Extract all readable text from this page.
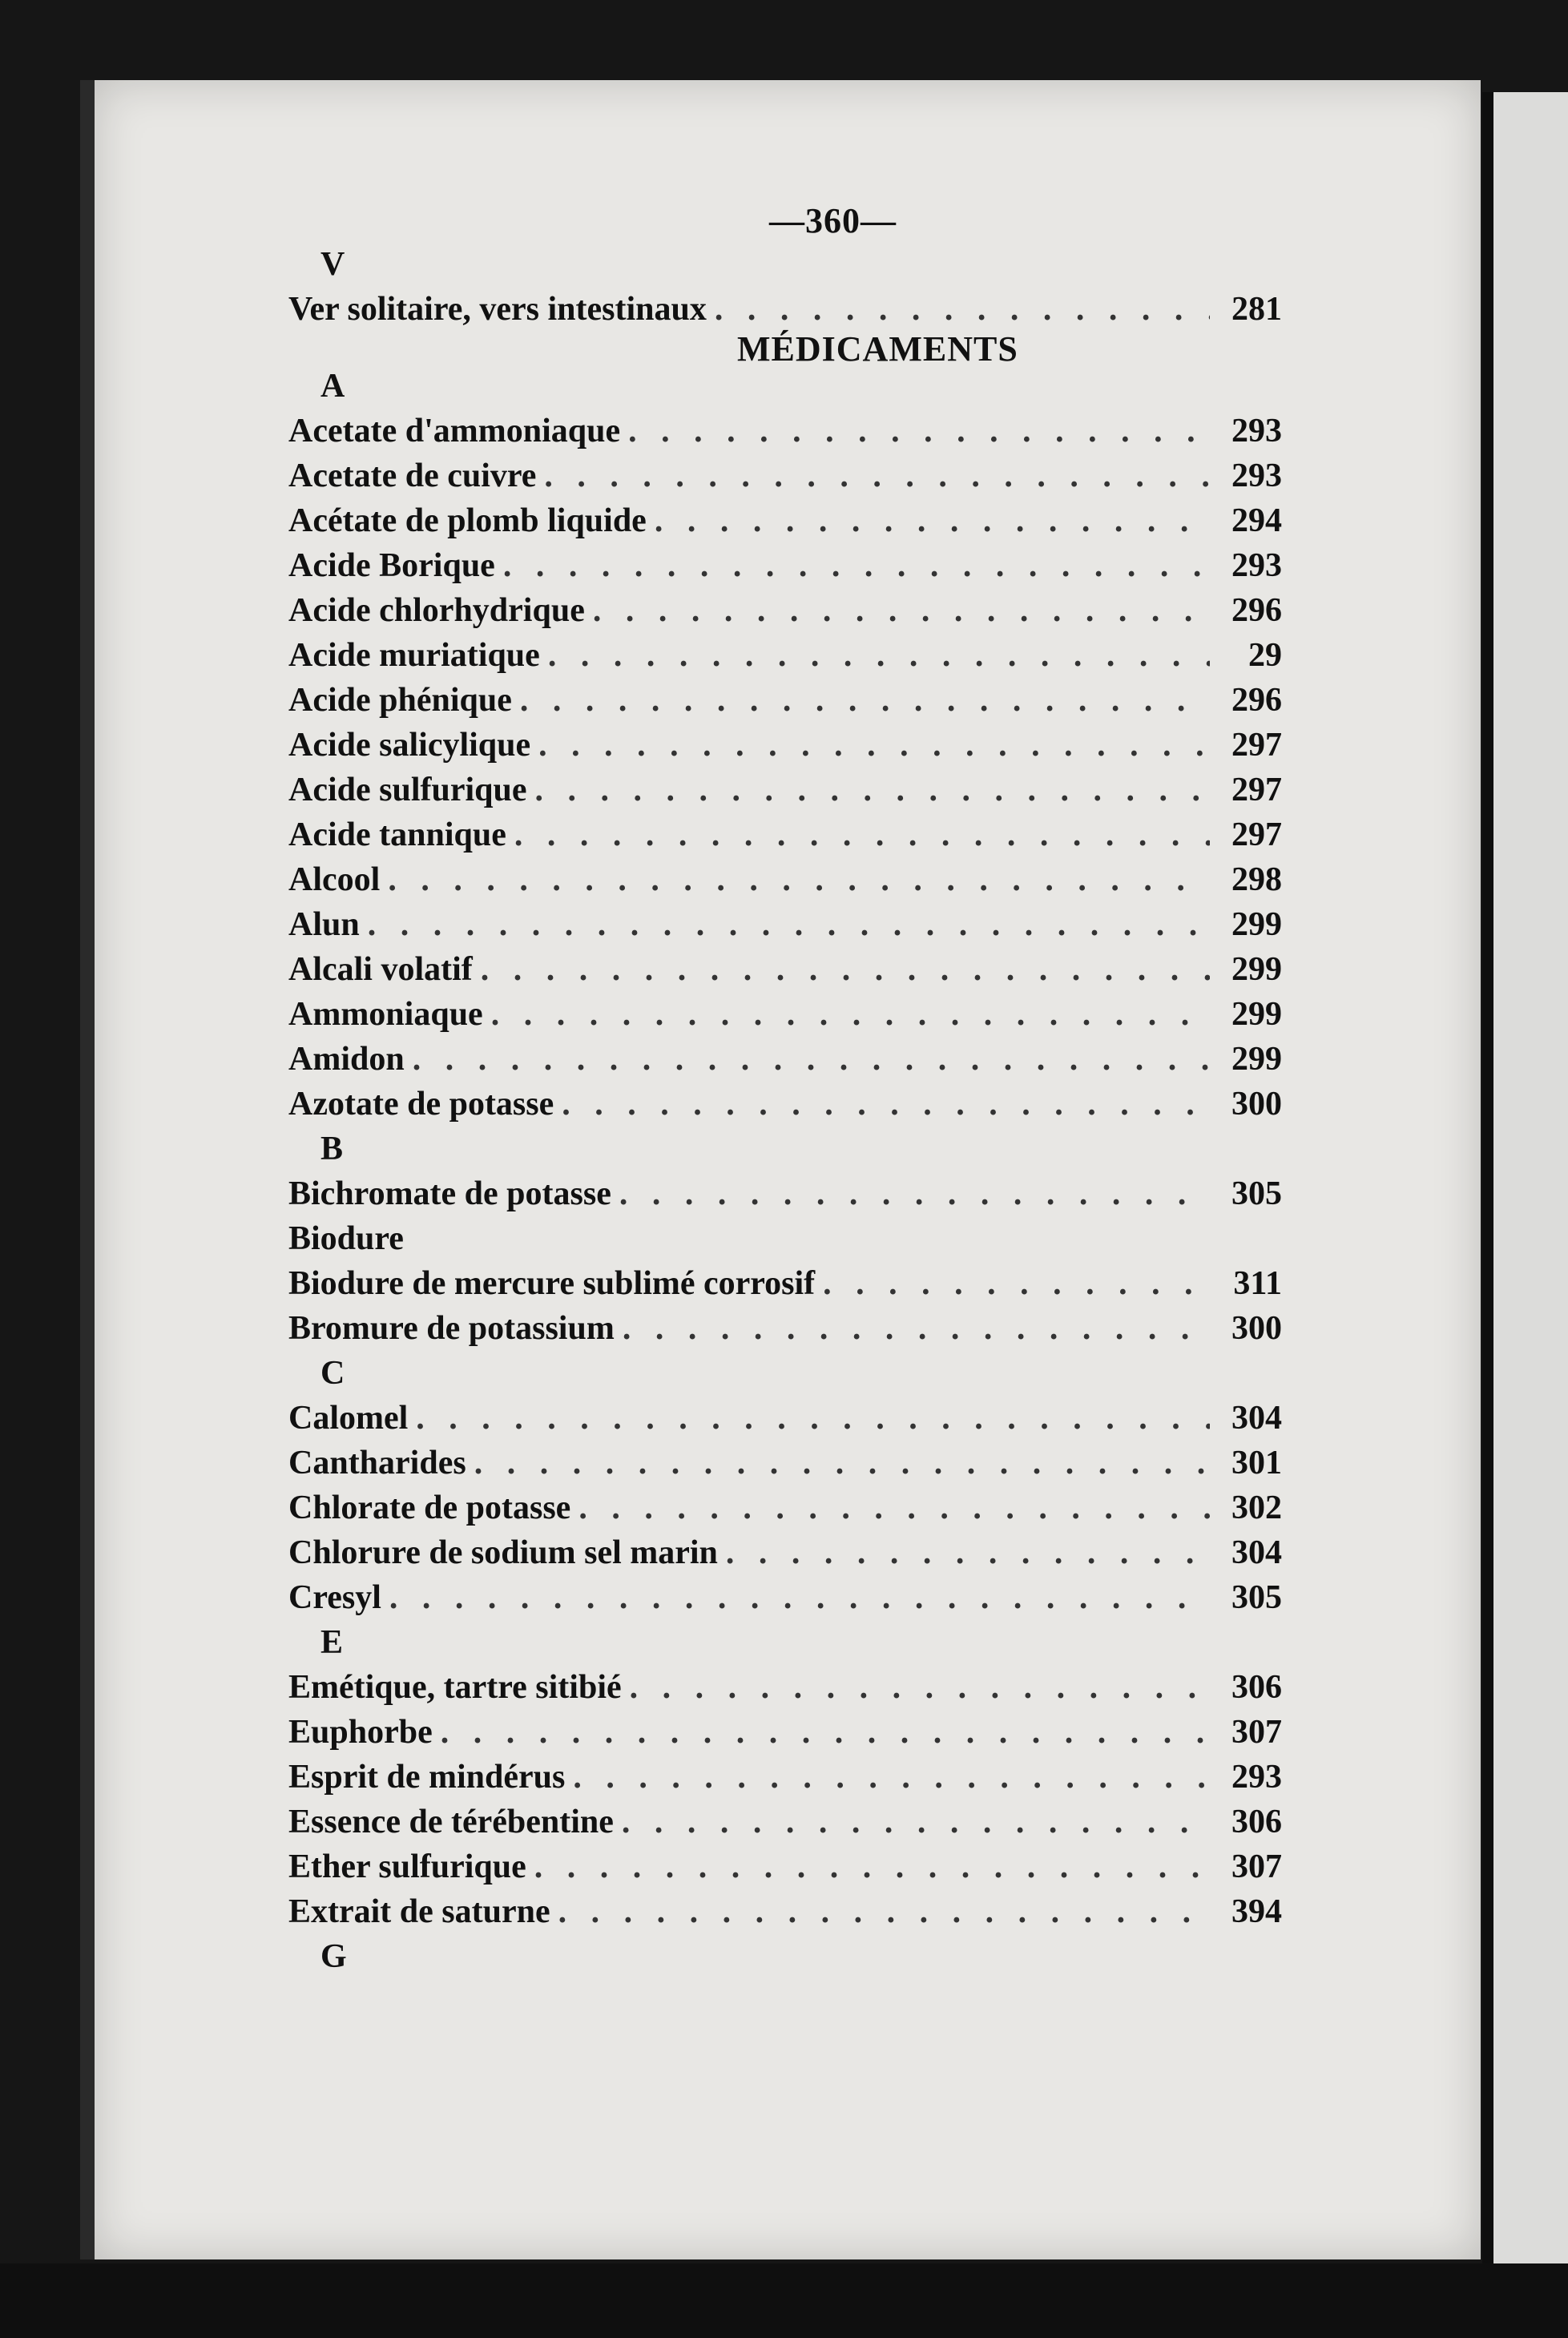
—360—
V
Ver solitaire, vers intestinaux . . .	281
MÉDICAMENTS
A
Acetate d'ammoniaque . . .	293
Acetate de cuivre . . .	293
Acétate de plomb liquide . . .	294
Acide Borique . . .	293
Acide chlorhydrique . . .	296
Acide muriatique . . .	29
Acide phénique . . .	296
Acide salicylique . . .	297
Acide sulfurique . . .	297
Acide tannique . . .	297
Alcool . . .	298
Alun . . .	299
Alcali volatif . . .	299
Ammoniaque . . .	299
Amidon . . .	299
Azotate de potasse . . .	300
B
Bichromate de potasse . . .	305
Biodure
Biodure de mercure sublimé corrosif . . .	311
Bromure de potassium . . .	300
C
Calomel . . .	304
Cantharides . . .	301
Chlorate de potasse . . .	302
Chlorure de sodium sel marin . . .	304
Cresyl . . .	305
E
Emétique, tartre sitibié . . .	306
Euphorbe . . .	307
Esprit de mindérus . . .	293
Essence de térébentine . . .	306
Ether sulfurique . . .	307
Extrait de saturne . . .	394
G
